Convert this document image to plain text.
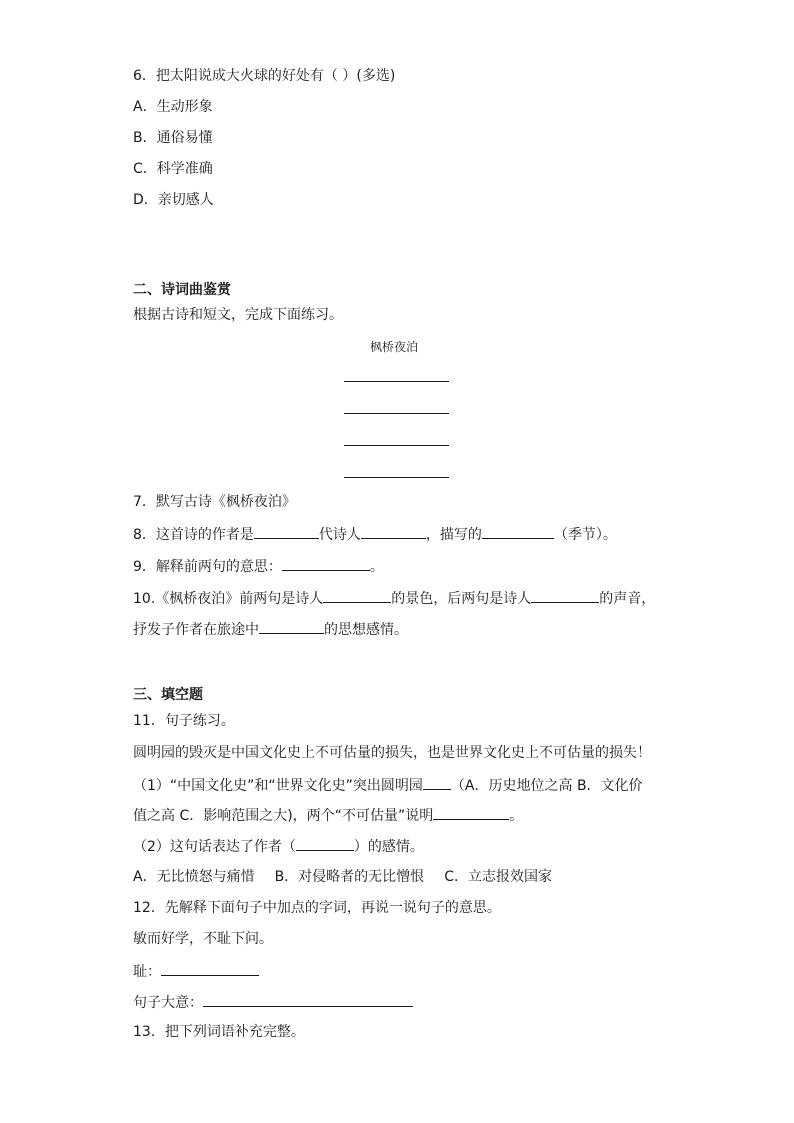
6．把太阳说成大火球的好处有（ ）(多选)
A．生动形象
B．通俗易懂
C．科学准确
D．亲切感人
二、诗词曲鉴赏
根据古诗和短文，完成下面练习。
枫桥夜泊
7．默写古诗《枫桥夜泊》
8．这首诗的作者是	代诗人	，描写的	（季节）。
9．解释前两句的意思：	。
10.《枫桥夜泊》前两句是诗人	的景色，后两句是诗人	的声音，
抒发子作者在旅途中	的思想感情。
三、填空题
11．句子练习。
圆明园的毁灭是中国文化史上不可估量的损失，也是世界文化史上不可估量的损失！
（1）“中国文化史”和“世界文化史”突出圆明园 （A．历史地位之高 B．文化价
值之高 C．影响范围之大)，两个“不可估量”说明	。
（2）这句话表达了作者（	）的感情。
A．无比愤怒与痛惜 B．对侵略者的无比憎恨 C．立志报效国家
12．先解释下面句子中加点的字词，再说一说句子的意思。
敏而好学，不耻下问。
耻：
句子大意：
13．把下列词语补充完整。
